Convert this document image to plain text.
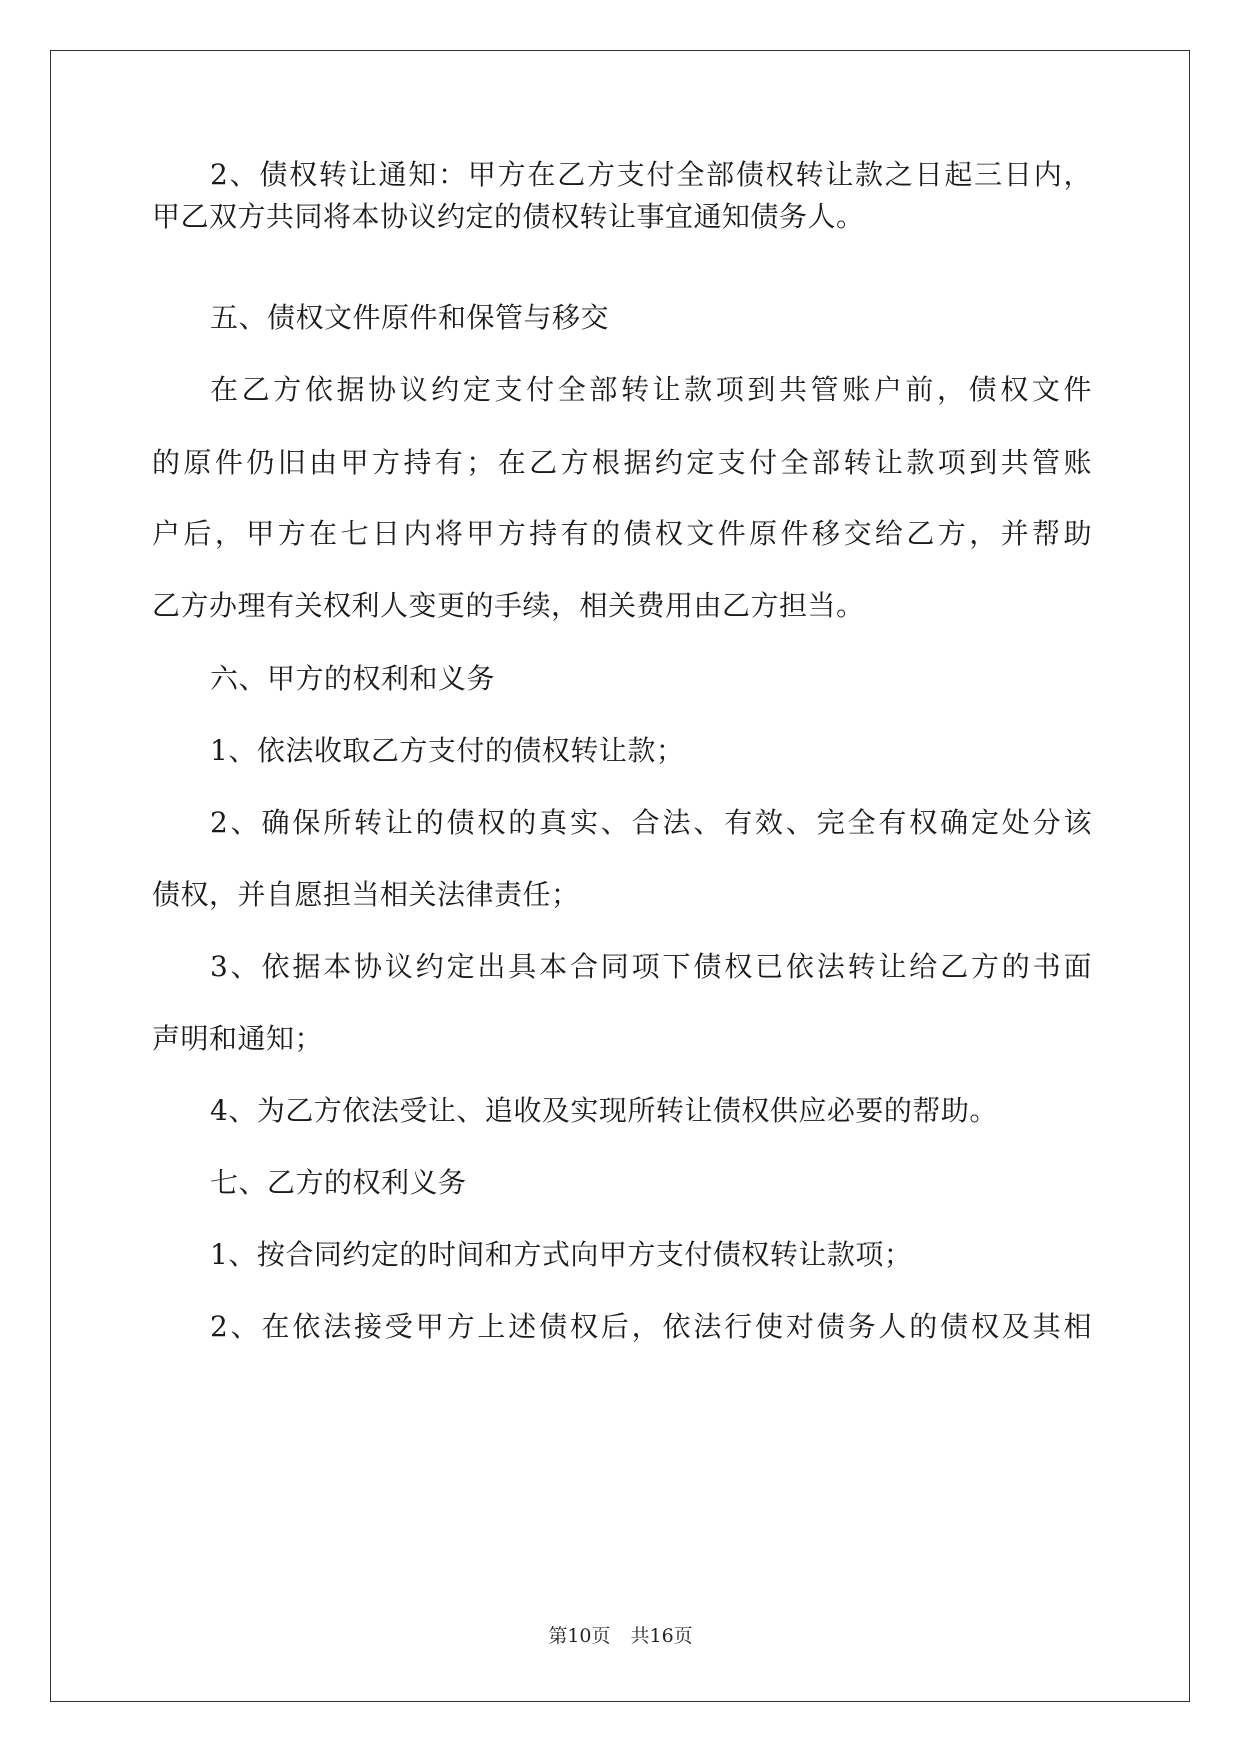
2、债权转让通知：甲方在乙方支付全部债权转让款之日起三日内，
甲乙双方共同将本协议约定的债权转让事宜通知债务人。
五、债权文件原件和保管与移交
在乙方依据协议约定支付全部转让款项到共管账户前，债权文件
的原件仍旧由甲方持有；在乙方根据约定支付全部转让款项到共管账
户后，甲方在七日内将甲方持有的债权文件原件移交给乙方，并帮助
乙方办理有关权利人变更的手续，相关费用由乙方担当。
六、甲方的权利和义务
1、依法收取乙方支付的债权转让款；
2、确保所转让的债权的真实、合法、有效、完全有权确定处分该
债权，并自愿担当相关法律责任；
3、依据本协议约定出具本合同项下债权已依法转让给乙方的书面
声明和通知；
4、为乙方依法受让、追收及实现所转让债权供应必要的帮助。
七、乙方的权利义务
1、按合同约定的时间和方式向甲方支付债权转让款项；
2、在依法接受甲方上述债权后，依法行使对债务人的债权及其相
第10页 共16页
